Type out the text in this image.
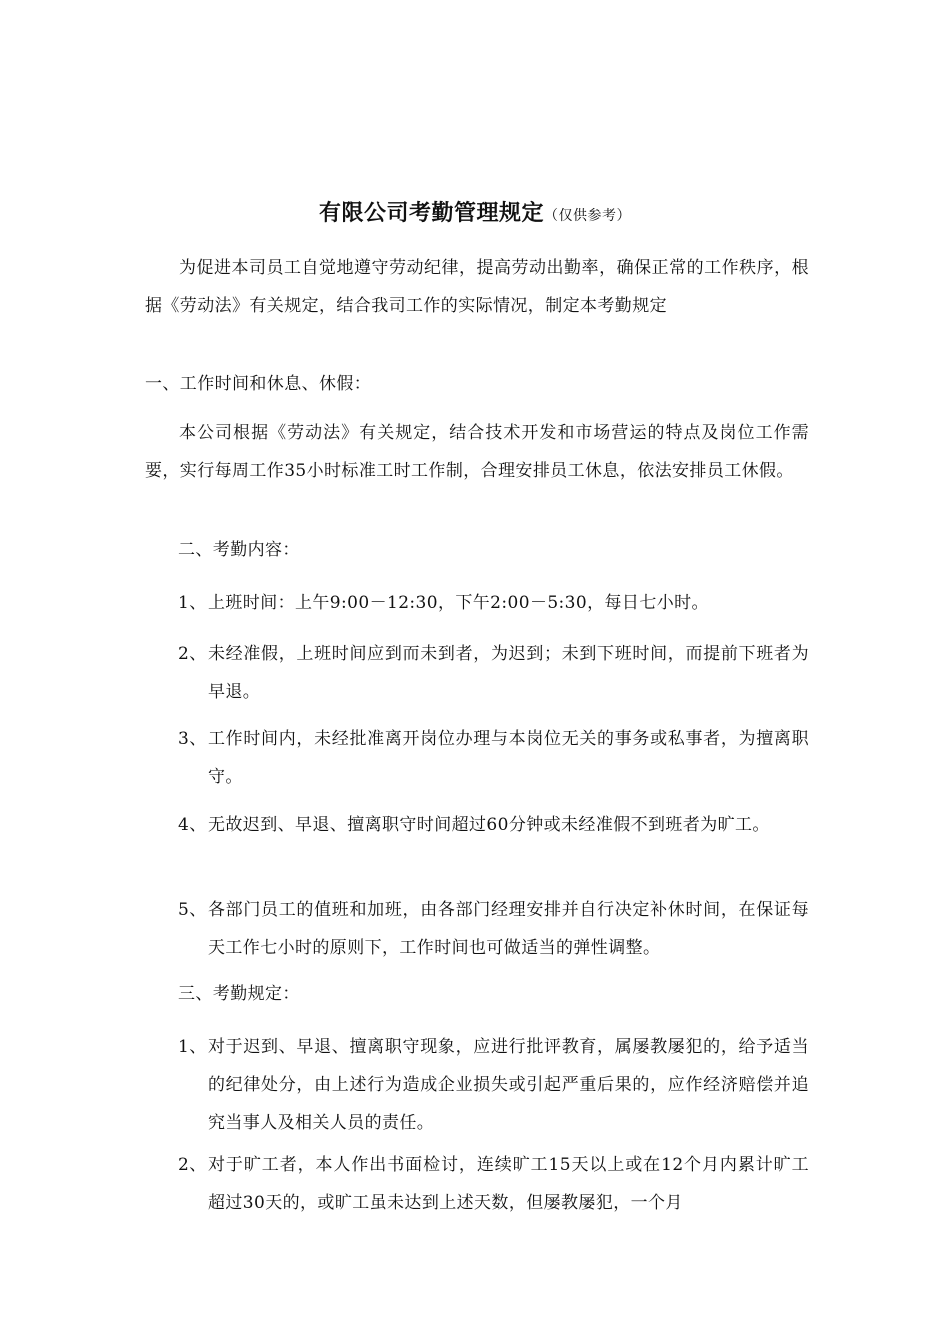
有限公司考勤管理规定（仅供参考）
为促进本司员工自觉地遵守劳动纪律，提高劳动出勤率，确保正常的工作秩序，根据《劳动法》有关规定，结合我司工作的实际情况，制定本考勤规定
一、工作时间和休息、休假：
本公司根据《劳动法》有关规定，结合技术开发和市场营运的特点及岗位工作需要，实行每周工作35小时标准工时工作制，合理安排员工休息，依法安排员工休假。
二、考勤内容：
1、 上班时间：上午9:00－12:30，下午2:00－5:30，每日七小时。
2、 未经准假，上班时间应到而未到者，为迟到；未到下班时间，而提前下班者为早退。
3、 工作时间内，未经批准离开岗位办理与本岗位无关的事务或私事者，为擅离职守。
4、 无故迟到、早退、擅离职守时间超过60分钟或未经准假不到班者为旷工。
5、 各部门员工的值班和加班，由各部门经理安排并自行决定补休时间，在保证每天工作七小时的原则下，工作时间也可做适当的弹性调整。
三、考勤规定：
1、 对于迟到、早退、擅离职守现象，应进行批评教育，属屡教屡犯的，给予适当的纪律处分，由上述行为造成企业损失或引起严重后果的，应作经济赔偿并追究当事人及相关人员的责任。
2、 对于旷工者，本人作出书面检讨，连续旷工15天以上或在12个月内累计旷工超过30天的，或旷工虽未达到上述天数，但屡教屡犯，一个月
